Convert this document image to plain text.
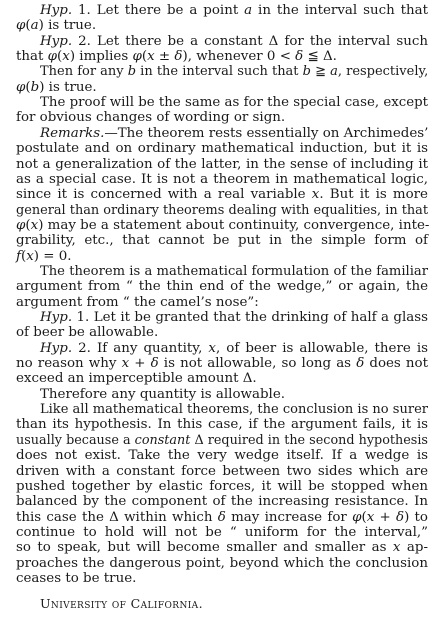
Hyp. 1. Let there be a point a in the interval such that
φ(a) is true.
Hyp. 2. Let there be a constant Δ for the interval such
that φ(x) implies φ(x ± δ), whenever 0 < δ ≦ Δ.
Then for any b in the interval such that b ≧ a, respectively,
φ(b) is true.
The proof will be the same as for the special case, except
for obvious changes of wording or sign.
Remarks.—The theorem rests essentially on Archimedes’
postulate and on ordinary mathematical induction, but it is
not a generalization of the latter, in the sense of including it
as a special case. It is not a theorem in mathematical logic,
since it is concerned with a real variable x. But it is more
general than ordinary theorems dealing with equalities, in that
φ(x) may be a statement about continuity, convergence, inte-
grability, etc., that cannot be put in the simple form of
f(x) = 0.
The theorem is a mathematical formulation of the familiar
argument from “ the thin end of the wedge,” or again, the
argument from “ the camel’s nose”:
Hyp. 1. Let it be granted that the drinking of half a glass
of beer be allowable.
Hyp. 2. If any quantity, x, of beer is allowable, there is
no reason why x + δ is not allowable, so long as δ does not
exceed an imperceptible amount Δ.
Therefore any quantity is allowable.
Like all mathematical theorems, the conclusion is no surer
than its hypothesis. In this case, if the argument fails, it is
usually because a constant Δ required in the second hypothesis
does not exist. Take the very wedge itself. If a wedge is
driven with a constant force between two sides which are
pushed together by elastic forces, it will be stopped when
balanced by the component of the increasing resistance. In
this case the Δ within which δ may increase for φ(x + δ) to
continue to hold will not be “ uniform for the interval,”
so to speak, but will become smaller and smaller as x ap-
proaches the dangerous point, beyond which the conclusion
ceases to be true.
University of California.
